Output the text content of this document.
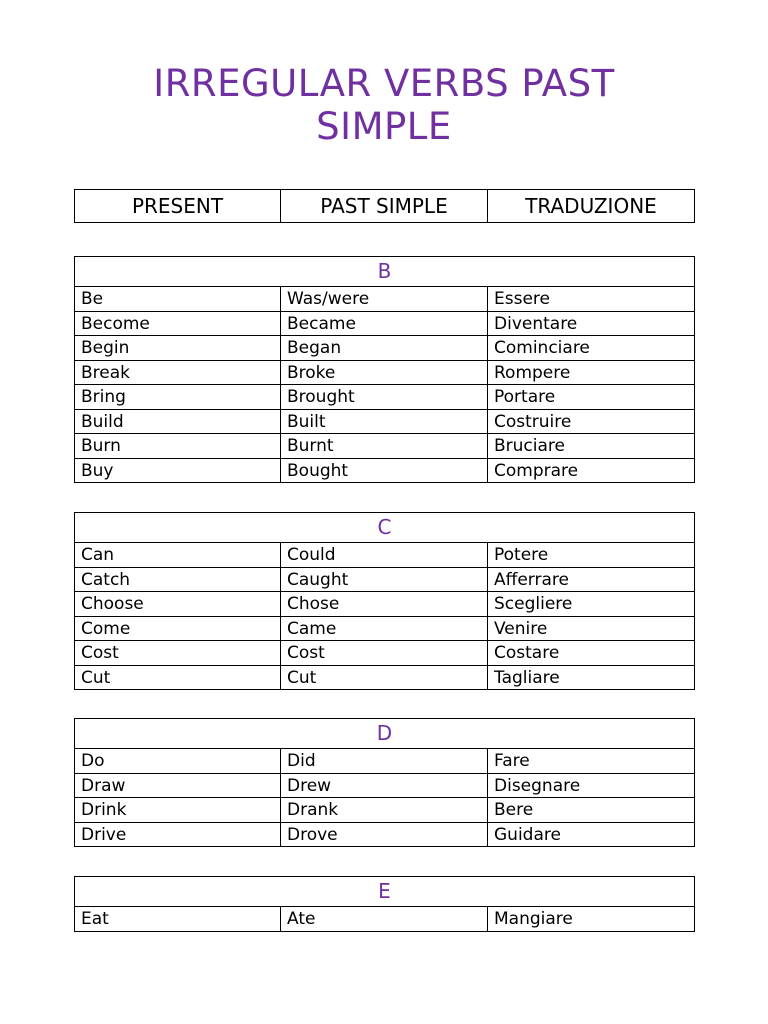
IRREGULAR VERBS PAST
SIMPLE
PRESENT	PAST SIMPLE	TRADUZIONE
B		
Be	Was/were	Essere
Become	Became	Diventare
Begin	Began	Cominciare
Break	Broke	Rompere
Bring	Brought	Portare
Build	Built	Costruire
Burn	Burnt	Bruciare
Buy	Bought	Comprare
C		
Can	Could	Potere
Catch	Caught	Afferrare
Choose	Chose	Scegliere
Come	Came	Venire
Cost	Cost	Costare
Cut	Cut	Tagliare
D		
Do	Did	Fare
Draw	Drew	Disegnare
Drink	Drank	Bere
Drive	Drove	Guidare
E
Eat	Ate	Mangiare
